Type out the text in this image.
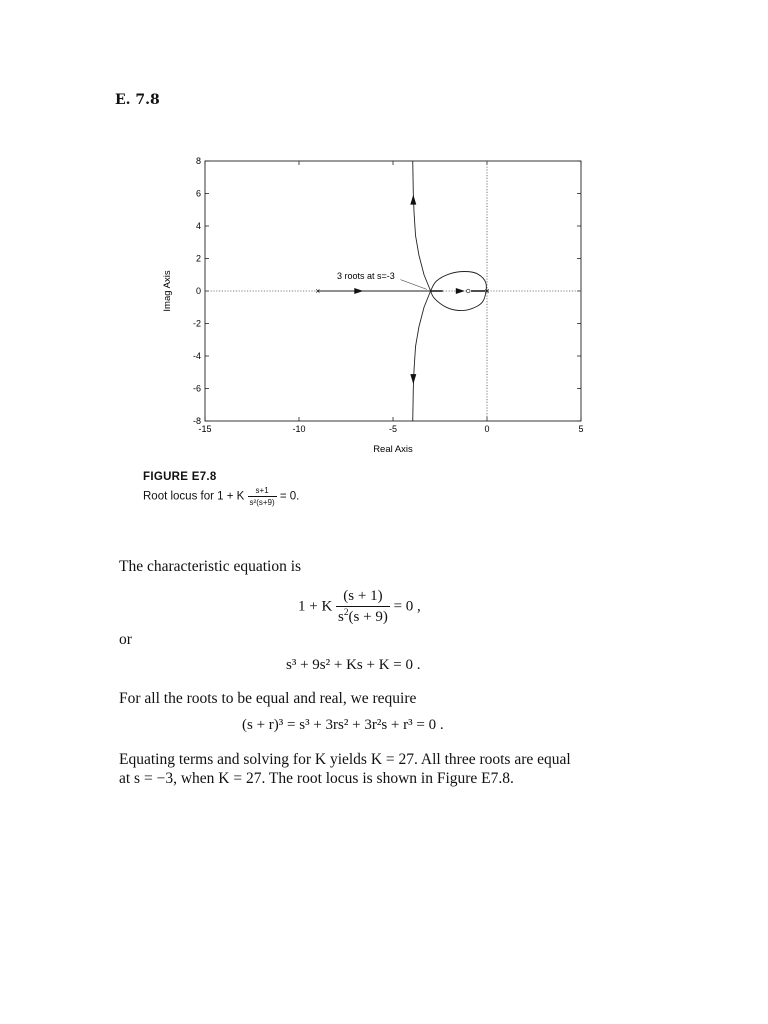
E. 7.8
-15	-10	-5	0	5
-8
-6
-4
-2
0
2
4
6
8
Imag Axis
Real Axis
3 roots at s=-3
FIGURE E7.8
Root locus for 1 + K $\frac{s+1}{\text{s²(s+9)}} = 0$.
The characteristic equation is
1 + K $\frac{(s + 1)}{s^2(s + 9)} = 0$ ,
or
s³ + 9s² + Ks + K = 0 .
For all the roots to be equal and real, we require
(s + r)³ = s³ + 3rs² + 3r²s + r³ = 0 .
Equating terms and solving for K yields K = 27. All three roots are equal
at s = −3, when K = 27. The root locus is shown in Figure E7.8.
